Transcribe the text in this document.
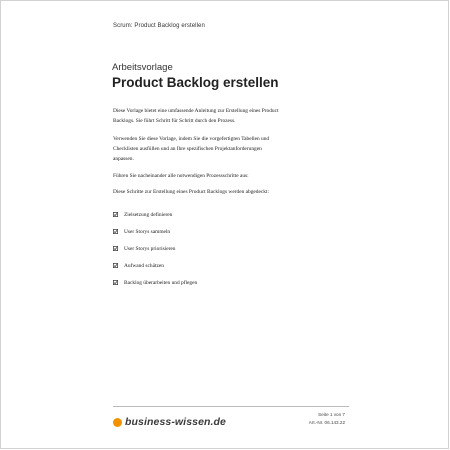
Scrum: Product Backlog erstellen
Arbeitsvorlage
Product Backlog erstellen
Diese Vorlage bietet eine umfassende Anleitung zur Erstellung eines Product
Backlogs. Sie führt Schritt für Schritt durch den Prozess.
Verwenden Sie diese Vorlage, indem Sie die vorgefertigten Tabellen und
Checklisten ausfüllen und an Ihre spezifischen Projektanforderungen
anpassen.
Führen Sie nacheinander alle notwendigen Prozessschritte aus:
Diese Schritte zur Erstellung eines Product Backlogs werden abgedeckt:
Zielsetzung definieren
User Storys sammeln
User Storys priorisieren
Aufwand schätzen
Backlog überarbeiten und pflegen
business-wissen.de
Seite 1 von 7
Art.-Nr. 06.143.22
